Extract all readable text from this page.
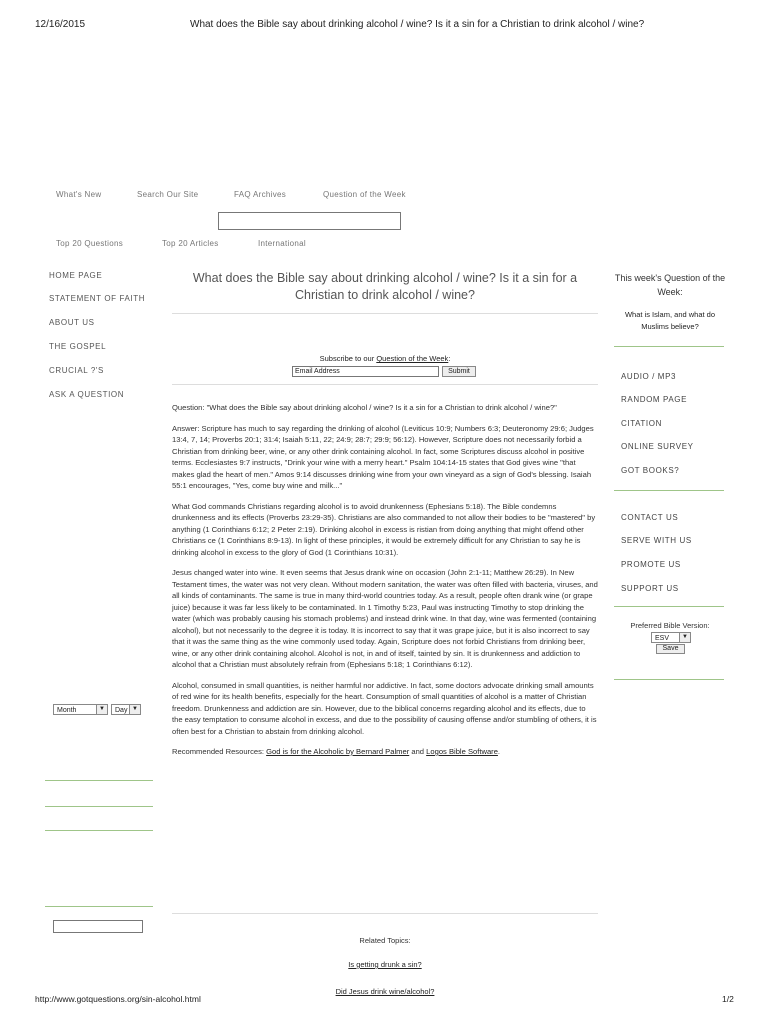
12/16/2015	What does the Bible say about drinking alcohol / wine? Is it a sin for a Christian to drink alcohol / wine?
What's New	Search Our Site	FAQ Archives	Question of the Week
Top 20 Questions	Top 20 Articles	International
HOME PAGE
STATEMENT OF FAITH
ABOUT US
THE GOSPEL
CRUCIAL ?'S
ASK A QUESTION
Month	▼	Day ▼
What does the Bible say about drinking alcohol / wine? Is it a sin for a Christian to drink alcohol / wine?
Subscribe to our Question of the Week:
Email Address	Submit

Question: "What does the Bible say about drinking alcohol / wine? Is it a sin for a Christian to drink alcohol / wine?"

Answer: Scripture has much to say regarding the drinking of alcohol (Leviticus 10:9; Numbers 6:3; Deuteronomy 29:6; Judges 13:4, 7, 14; Proverbs 20:1; 31:4; Isaiah 5:11, 22; 24:9; 28:7; 29:9; 56:12). However, Scripture does not necessarily forbid a Christian from drinking beer, wine, or any other drink containing alcohol. In fact, some Scriptures discuss alcohol in positive terms. Ecclesiastes 9:7 instructs, "Drink your wine with a merry heart." Psalm 104:14-15 states that God gives wine "that makes glad the heart of men." Amos 9:14 discusses drinking wine from your own vineyard as a sign of God's blessing. Isaiah 55:1 encourages, "Yes, come buy wine and milk..."

What God commands Christians regarding alcohol is to avoid drunkenness (Ephesians 5:18). The Bible condemns drunkenness and its effects (Proverbs 23:29-35). Christians are also commanded to not allow their bodies to be "mastered" by anything (1 Corinthians 6:12; 2 Peter 2:19). Drinking alcohol in excess is ristian from doing anything that might offend other Christians ce (1 Corinthians 8:9-13). In light of these principles, it would be extremely difficult for any Christian to say he is drinking alcohol in excess to the glory of God (1 Corinthians 10:31).

Jesus changed water into wine. It even seems that Jesus drank wine on occasion (John 2:1-11; Matthew 26:29). In New Testament times, the water was not very clean. Without modern sanitation, the water was often filled with bacteria, viruses, and all kinds of contaminants. The same is true in many third-world countries today. As a result, people often drank wine (or grape juice) because it was far less likely to be contaminated. In 1 Timothy 5:23, Paul was instructing Timothy to stop drinking the water (which was probably causing his stomach problems) and instead drink wine. In that day, wine was fermented (containing alcohol), but not necessarily to the degree it is today. It is incorrect to say that it was grape juice, but it is also incorrect to say that it was the same thing as the wine commonly used today. Again, Scripture does not forbid Christians from drinking beer, wine, or any other drink containing alcohol. Alcohol is not, in and of itself, tainted by sin. It is drunkenness and addiction to alcohol that a Christian must absolutely refrain from (Ephesians 5:18; 1 Corinthians 6:12).

Alcohol, consumed in small quantities, is neither harmful nor addictive. In fact, some doctors advocate drinking small amounts of red wine for its health benefits, especially for the heart. Consumption of small quantities of alcohol is a matter of Christian freedom. Drunkenness and addiction are sin. However, due to the biblical concerns regarding alcohol and its effects, due to the easy temptation to consume alcohol in excess, and due to the possibility of causing offense and/or stumbling of others, it is often best for a Christian to abstain from drinking alcohol.

Recommended Resources: God is for the Alcoholic by Bernard Palmer and Logos Bible Software.

Related Topics:
Is getting drunk a sin?
Did Jesus drink wine/alcohol?
This week's Question of the Week:
What is Islam, and what do Muslims believe?
AUDIO / MP3
RANDOM PAGE
CITATION
ONLINE SURVEY
GOT BOOKS?
CONTACT US
SERVE WITH US
PROMOTE US
SUPPORT US
Preferred Bible Version:
ESV	▼
Save
http://www.gotquestions.org/sin-alcohol.html	1/2
